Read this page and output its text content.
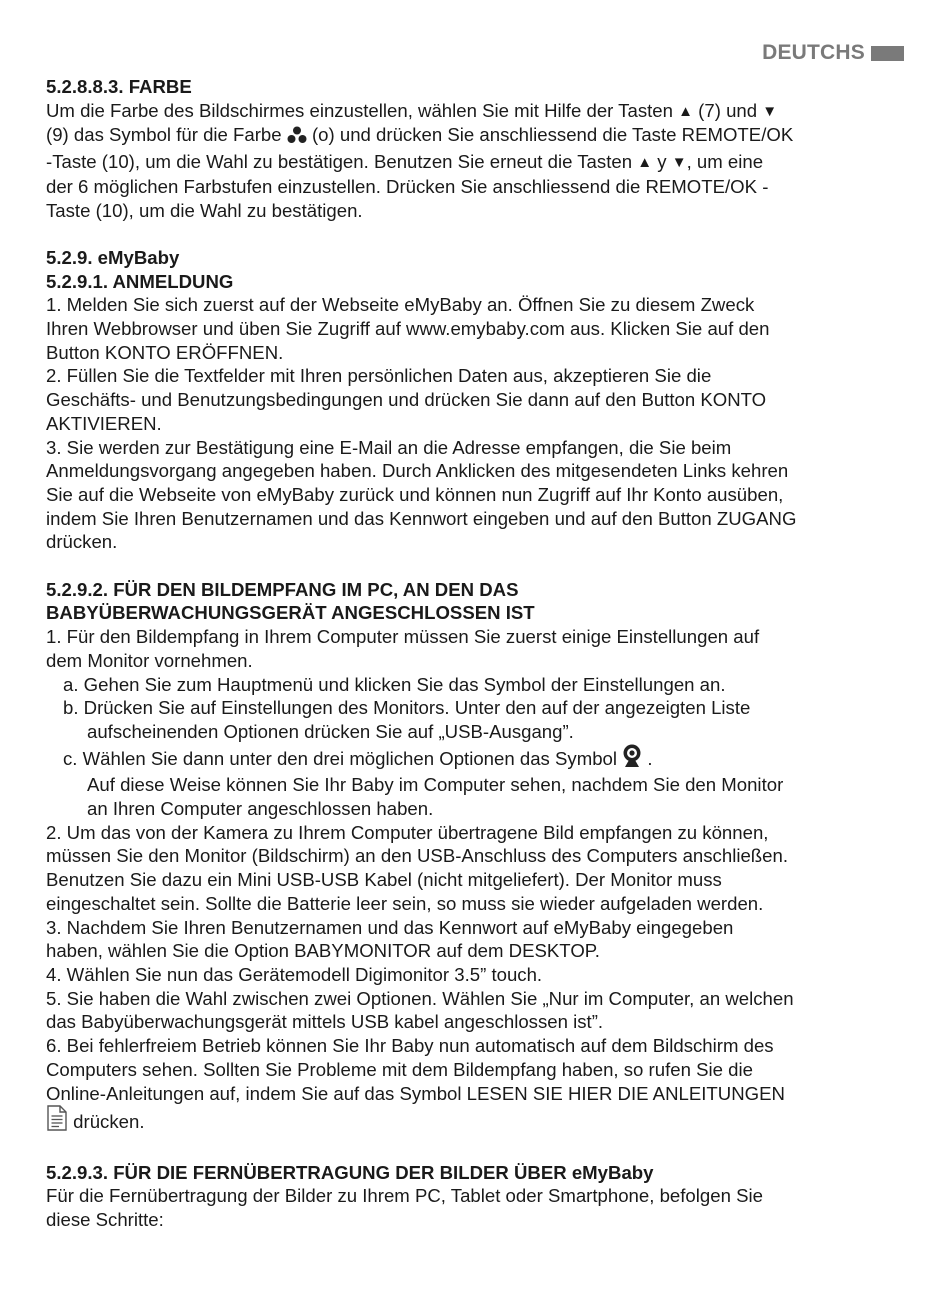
DEUTCHS

5.2.8.8.3. FARBE

Um die Farbe des Bildschirmes einzustellen, wählen Sie mit Hilfe der Tasten ▲ (7) und ▼

(9) das Symbol für die Farbe (o) und drücken Sie anschliessend die Taste REMOTE/OK

-Taste (10), um die Wahl zu bestätigen. Benutzen Sie erneut die Tasten ▲ y ▼, um eine

der 6 möglichen Farbstufen einzustellen. Drücken Sie anschliessend die REMOTE/OK -

Taste (10), um die Wahl zu bestätigen.

5.2.9. eMyBaby

5.2.9.1. ANMELDUNG

1. Melden Sie sich zuerst auf der Webseite eMyBaby an. Öffnen Sie zu diesem Zweck

Ihren Webbrowser und üben Sie Zugriff auf www.emybaby.com aus. Klicken Sie auf den

Button KONTO ERÖFFNEN.

2. Füllen Sie die Textfelder mit Ihren persönlichen Daten aus, akzeptieren Sie die

Geschäfts- und Benutzungsbedingungen und drücken Sie dann auf den Button KONTO

AKTIVIEREN.

3. Sie werden zur Bestätigung eine E-Mail an die Adresse empfangen, die Sie beim

Anmeldungsvorgang angegeben haben. Durch Anklicken des mitgesendeten Links kehren

Sie auf die Webseite von eMyBaby zurück und können nun Zugriff auf Ihr Konto ausüben,

indem Sie Ihren Benutzernamen und das Kennwort eingeben und auf den Button ZUGANG

drücken.

5.2.9.2. FÜR DEN BILDEMPFANG IM PC, AN DEN DAS

BABYÜBERWACHUNGSGERÄT ANGESCHLOSSEN IST

1. Für den Bildempfang in Ihrem Computer müssen Sie zuerst einige Einstellungen auf

dem Monitor vornehmen.

a. Gehen Sie zum Hauptmenü und klicken Sie das Symbol der Einstellungen an.

b. Drücken Sie auf Einstellungen des Monitors. Unter den auf der angezeigten Liste

aufscheinenden Optionen drücken Sie auf „USB-Ausgang”.

c. Wählen Sie dann unter den drei möglichen Optionen das Symbol .

Auf diese Weise können Sie Ihr Baby im Computer sehen, nachdem Sie den Monitor

an Ihren Computer angeschlossen haben.

2. Um das von der Kamera zu Ihrem Computer übertragene Bild empfangen zu können,

müssen Sie den Monitor (Bildschirm) an den USB-Anschluss des Computers anschließen.

Benutzen Sie dazu ein Mini USB-USB Kabel (nicht mitgeliefert). Der Monitor muss

eingeschaltet sein. Sollte die Batterie leer sein, so muss sie wieder aufgeladen werden.

3. Nachdem Sie Ihren Benutzernamen und das Kennwort auf eMyBaby eingegeben

haben, wählen Sie die Option BABYMONITOR auf dem DESKTOP.

4. Wählen Sie nun das Gerätemodell Digimonitor 3.5” touch.

5. Sie haben die Wahl zwischen zwei Optionen. Wählen Sie „Nur im Computer, an welchen

das Babyüberwachungsgerät mittels USB kabel angeschlossen ist”.

6. Bei fehlerfreiem Betrieb können Sie Ihr Baby nun automatisch auf dem Bildschirm des

Computers sehen. Sollten Sie Probleme mit dem Bildempfang haben, so rufen Sie die

Online-Anleitungen auf, indem Sie auf das Symbol LESEN SIE HIER DIE ANLEITUNGEN

drücken.

5.2.9.3. FÜR DIE FERNÜBERTRAGUNG DER BILDER ÜBER eMyBaby

Für die Fernübertragung der Bilder zu Ihrem PC, Tablet oder Smartphone, befolgen Sie

diese Schritte:
